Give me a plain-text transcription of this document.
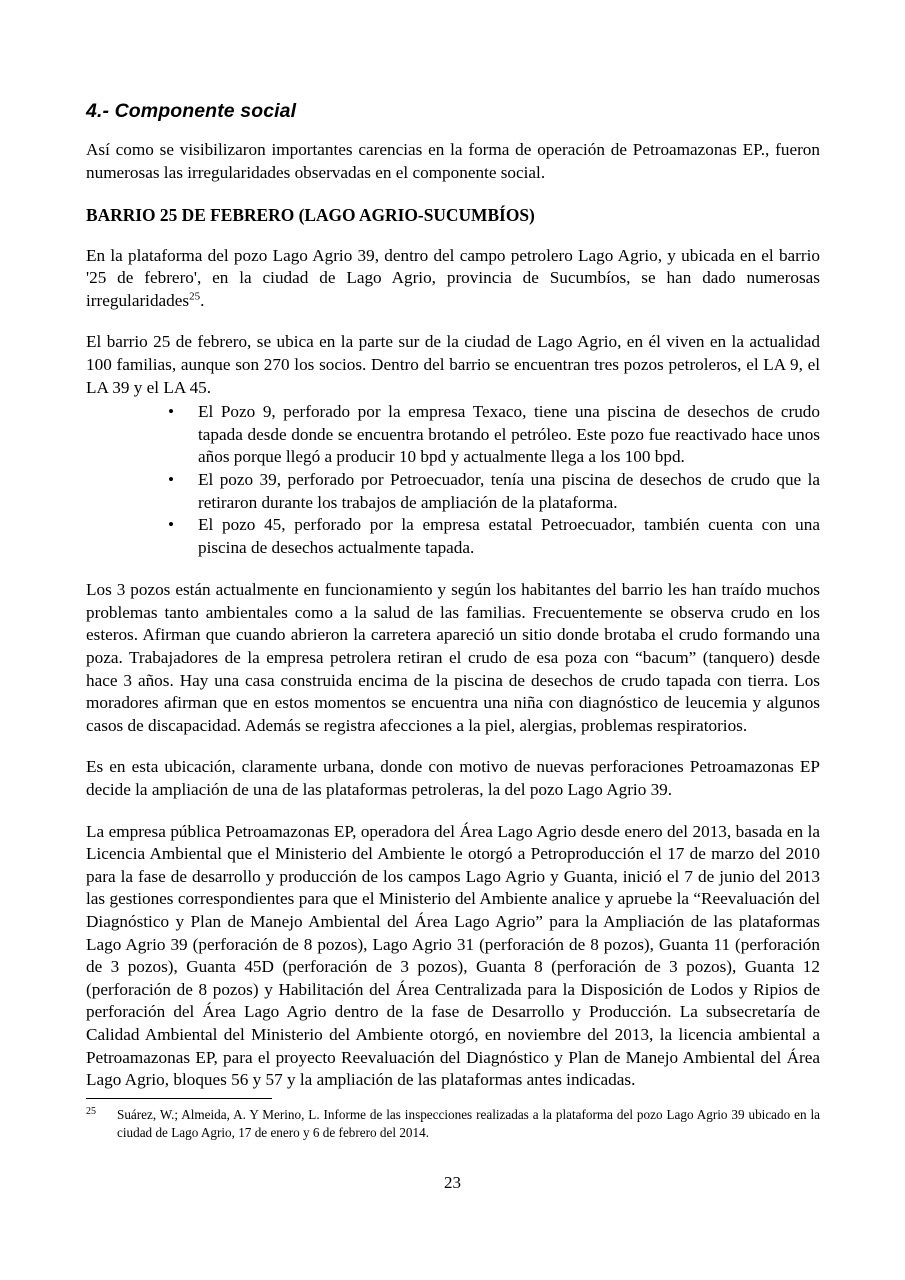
4.- Componente social

Así como se visibilizaron importantes carencias en la forma de operación de Petroamazonas EP., fueron numerosas las irregularidades observadas en el componente social.

BARRIO 25 DE FEBRERO (LAGO AGRIO-SUCUMBÍOS)

En la plataforma del pozo Lago Agrio 39, dentro del campo petrolero Lago Agrio, y ubicada en el barrio '25 de febrero', en la ciudad de Lago Agrio, provincia de Sucumbíos, se han dado numerosas irregularidades$^{25}$.

El barrio 25 de febrero, se ubica en la parte sur de la ciudad de Lago Agrio, en él viven en la actualidad 100 familias, aunque son 270 los socios. Dentro del barrio se encuentran tres pozos petroleros, el LA 9, el LA 39 y el LA 45.

• El Pozo 9, perforado por la empresa Texaco, tiene una piscina de desechos de crudo tapada desde donde se encuentra brotando el petróleo. Este pozo fue reactivado hace unos años porque llegó a producir 10 bpd y actualmente llega a los 100 bpd.
• El pozo 39, perforado por Petroecuador, tenía una piscina de desechos de crudo que la retiraron durante los trabajos de ampliación de la plataforma.
• El pozo 45, perforado por la empresa estatal Petroecuador, también cuenta con una piscina de desechos actualmente tapada.

Los 3 pozos están actualmente en funcionamiento y según los habitantes del barrio les han traído muchos problemas tanto ambientales como a la salud de las familias. Frecuentemente se observa crudo en los esteros. Afirman que cuando abrieron la carretera apareció un sitio donde brotaba el crudo formando una poza. Trabajadores de la empresa petrolera retiran el crudo de esa poza con “bacum” (tanquero) desde hace 3 años. Hay una casa construida encima de la piscina de desechos de crudo tapada con tierra. Los moradores afirman que en estos momentos se encuentra una niña con diagnóstico de leucemia y algunos casos de discapacidad. Además se registra afecciones a la piel, alergias, problemas respiratorios.

Es en esta ubicación, claramente urbana, donde con motivo de nuevas perforaciones Petroamazonas EP decide la ampliación de una de las plataformas petroleras, la del pozo Lago Agrio 39.

La empresa pública Petroamazonas EP, operadora del Área Lago Agrio desde enero del 2013, basada en la Licencia Ambiental que el Ministerio del Ambiente le otorgó a Petroproducción el 17 de marzo del 2010 para la fase de desarrollo y producción de los campos Lago Agrio y Guanta, inició el 7 de junio del 2013 las gestiones correspondientes para que el Ministerio del Ambiente analice y apruebe la “Reevaluación del Diagnóstico y Plan de Manejo Ambiental del Área Lago Agrio” para la Ampliación de las plataformas Lago Agrio 39 (perforación de 8 pozos), Lago Agrio 31 (perforación de 8 pozos), Guanta 11 (perforación de 3 pozos), Guanta 45D (perforación de 3 pozos), Guanta 8 (perforación de 3 pozos), Guanta 12 (perforación de 8 pozos) y Habilitación del Área Centralizada para la Disposición de Lodos y Ripios de perforación del Área Lago Agrio dentro de la fase de Desarrollo y Producción. La subsecretaría de Calidad Ambiental del Ministerio del Ambiente otorgó, en noviembre del 2013, la licencia ambiental a Petroamazonas EP, para el proyecto Reevaluación del Diagnóstico y Plan de Manejo Ambiental del Área Lago Agrio, bloques 56 y 57 y la ampliación de las plataformas antes indicadas.

25 Suárez, W.; Almeida, A. Y Merino, L. Informe de las inspecciones realizadas a la plataforma del pozo Lago Agrio 39 ubicado en la ciudad de Lago Agrio, 17 de enero y 6 de febrero del 2014.

23
